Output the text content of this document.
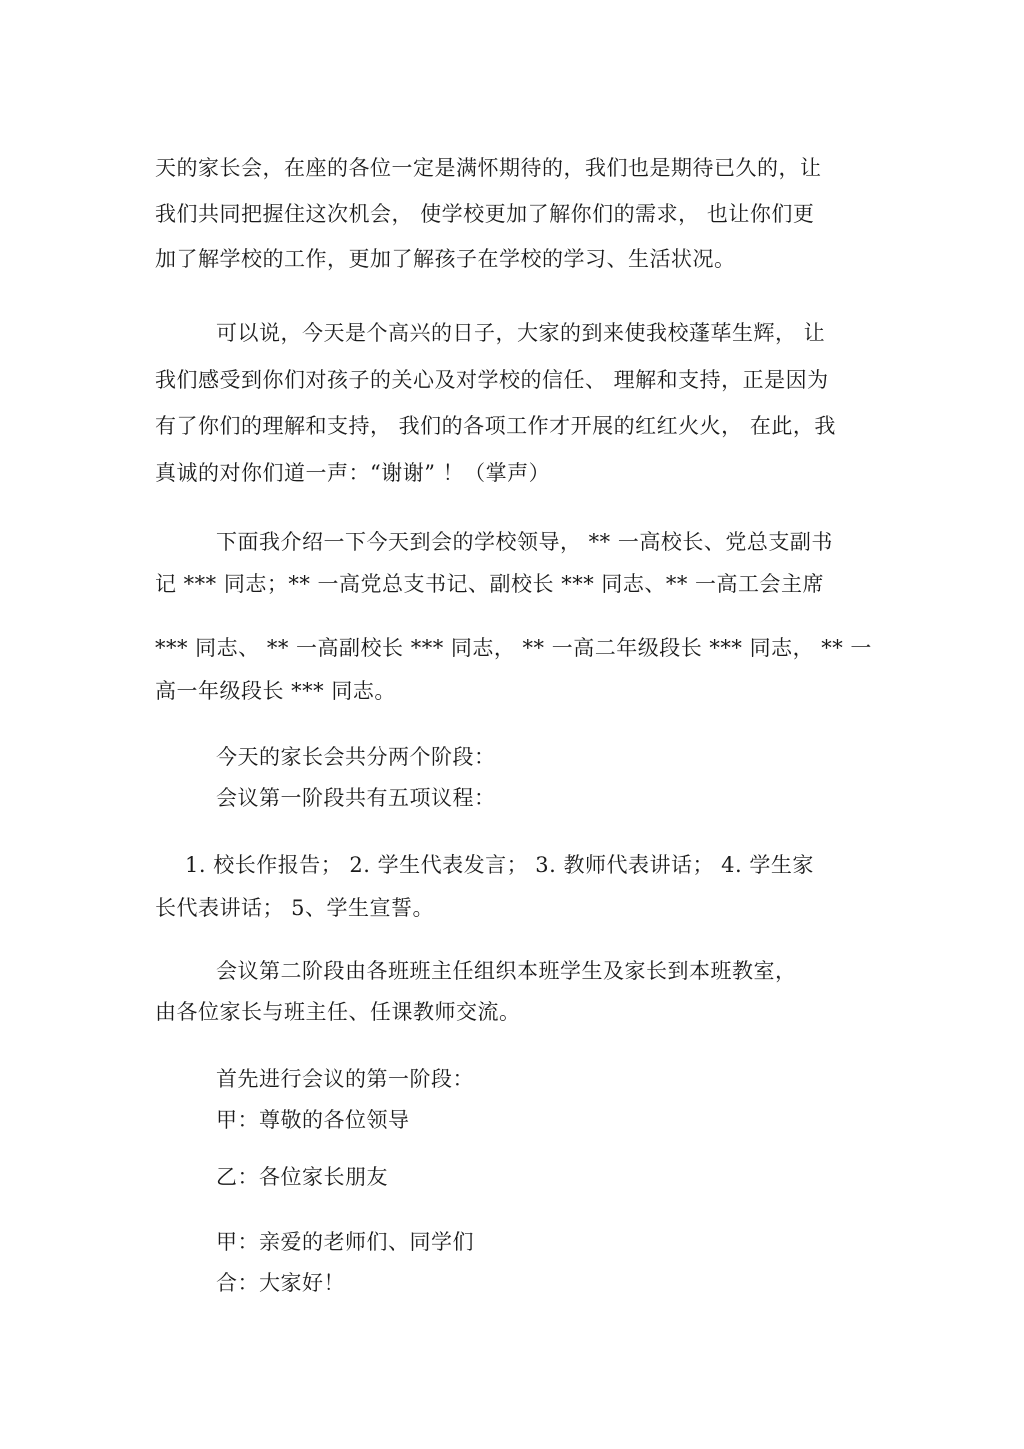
天的家长会，在座的各位一定是满怀期待的，我们也是期待已久的，让
我们共同把握住这次机会， 使学校更加了解你们的需求， 也让你们更
加了解学校的工作，更加了解孩子在学校的学习、生活状况。
可以说，今天是个高兴的日子，大家的到来使我校蓬荜生辉， 让
我们感受到你们对孩子的关心及对学校的信任、 理解和支持，正是因为
有了你们的理解和支持， 我们的各项工作才开展的红红火火， 在此，我
真诚的对你们道一声：“谢谢” ！（掌声）
下面我介绍一下今天到会的学校领导， ** 一高校长、党总支副书
记 *** 同志；** 一高党总支书记、副校长 *** 同志、** 一高工会主席
*** 同志、 ** 一高副校长 *** 同志， ** 一高二年级段长 *** 同志， ** 一
高一年级段长 *** 同志。
今天的家长会共分两个阶段：
会议第一阶段共有五项议程：
1. 校长作报告； 2. 学生代表发言； 3. 教师代表讲话； 4. 学生家
长代表讲话； 5、学生宣誓。
会议第二阶段由各班班主任组织本班学生及家长到本班教室，
由各位家长与班主任、任课教师交流。
首先进行会议的第一阶段：
甲：尊敬的各位领导
乙：各位家长朋友
甲：亲爱的老师们、同学们
合：大家好！
